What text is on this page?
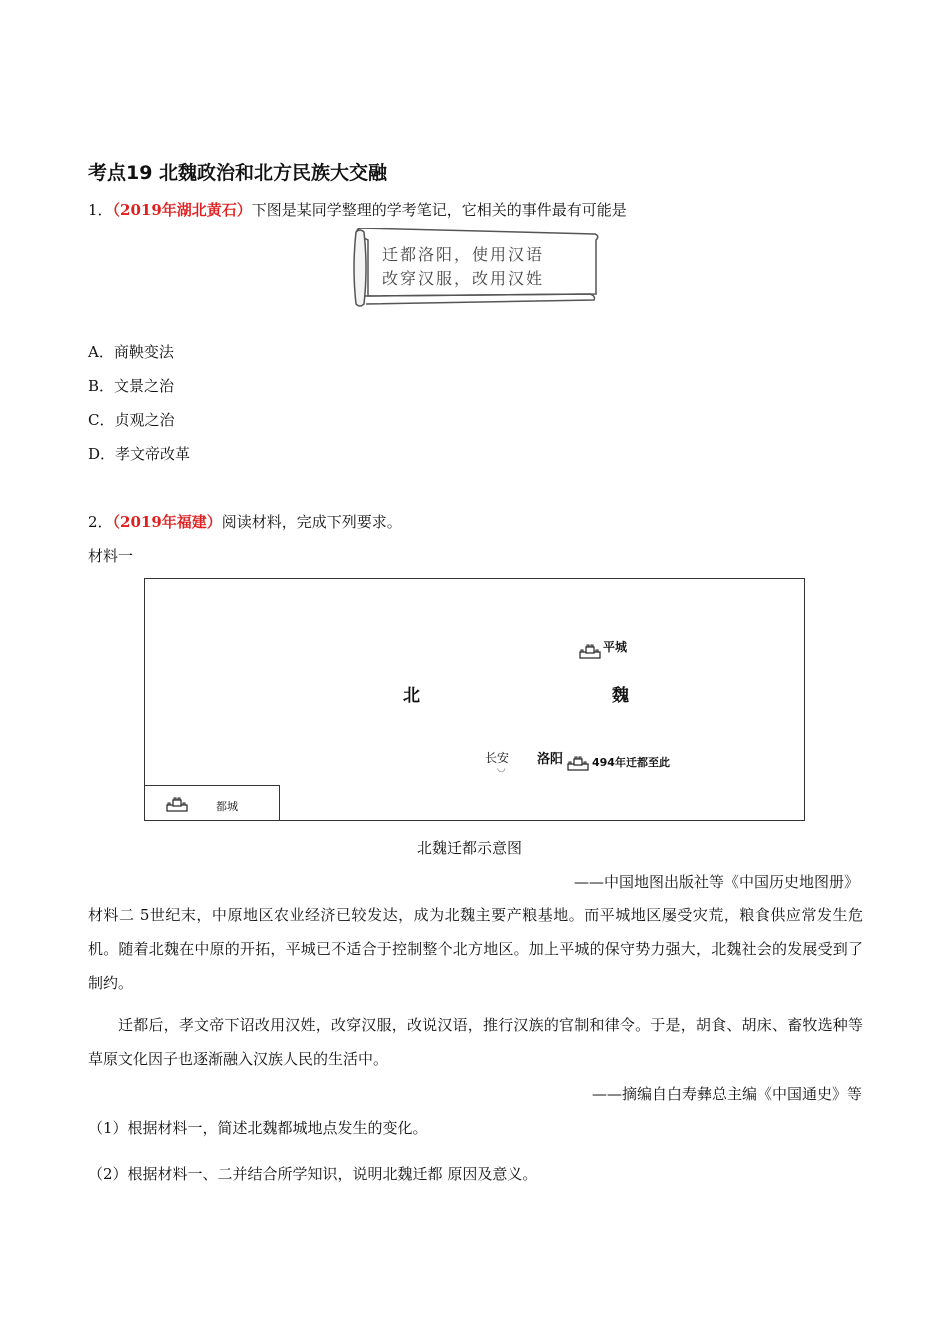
考点19 北魏政治和北方民族大交融
1．（2019年湖北黄石）下图是某同学整理的学考笔记，它相关的事件最有可能是
迁都洛阳，使用汉语
改穿汉服，改用汉姓
A．商鞅变法
B．文景之治
C．贞观之治
D．孝文帝改革
2．（2019年福建）阅读材料，完成下列要求。
材料一
平城
北	魏
长安
◡
洛阳	494年迁都至此
都城
北魏迁都示意图
——中国地图出版社等《中国历史地图册》
材料二 5世纪末，中原地区农业经济已较发达，成为北魏主要产粮基地。而平城地区屡受灾荒，粮食供应常发生危机。随着北魏在中原的开拓，平城已不适合于控制整个北方地区。加上平城的保守势力强大，北魏社会的发展受到了制约。
迁都后，孝文帝下诏改用汉姓，改穿汉服，改说汉语，推行汉族的官制和律令。于是，胡食、胡床、畜牧选种等草原文化因子也逐渐融入汉族人民的生活中。
——摘编自白寿彝总主编《中国通史》等
（1）根据材料一，简述北魏都城地点发生的变化。
（2）根据材料一、二并结合所学知识，说明北魏迁都 原因及意义。
